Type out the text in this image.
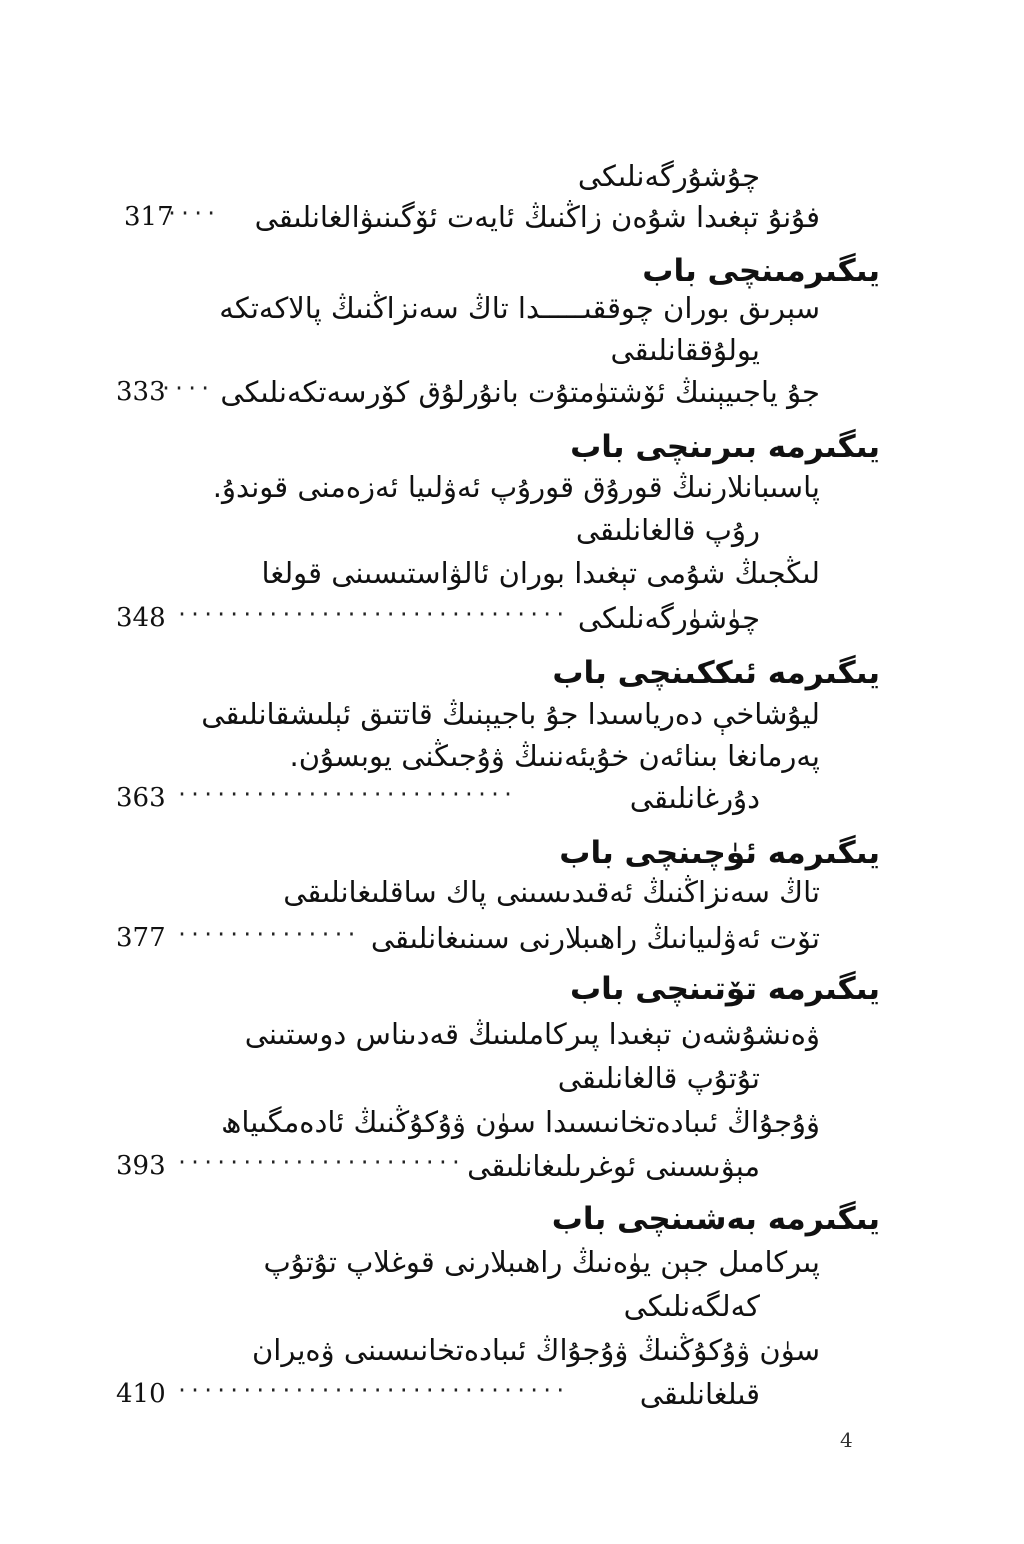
چۇشۇرگەنلىكى
فۇنۇ تېغىدا شۇەن زاڭنىڭ ئايەت ئۆگىنىۋالغانلىقى
317
····
يىگىرمىنچى باب
سېرىق بوران چوققىـــــدا تاڭ سەنزاڭنىڭ پالاكەتكە
يولۇققانلىقى
جۇ ياجىيېنىڭ ئۆشتۈمتۇت بانۇرلۇق كۆرسەتكەنلىكى
333
····
يىگىرمە بىرىنچى باب
پاسىبانلارنىڭ قورۇق قورۇپ ئەۋلىيا ئەزەمنى قوندۇ.
رۇپ قالغانلىقى
لىڭجىڭ شۇمى تېغىدا بوران ئالۋاستىسىنى قولغا
چۈشۈرگەنلىكى
348 ······························
يىگىرمە ئىككىنچى باب
ليۇشاخې دەرياسىدا جۇ باجيېنىڭ قاتتىق ئېلىشقانلىقى
پەرمانغا بىنائەن خۇيئەننىڭ ۋۇجىڭنى يوبسۇن.
دۇرغانلىقى
363 ··························
يىگىرمە ئۈچىنچى باب
تاڭ سەنزاڭنىڭ ئەقىدىسىنى پاك ساقلىغانلىقى
تۆت ئەۋلىيانىڭ راھىبلارنى سىنىغانلىقى
377 ··············
يىگىرمە تۆتىنچى باب
ۋەنشۇشەن تېغىدا پىركاملىنىڭ قەدىناس دوستىنى
تۇتۇپ قالغانلىقى
ۋۇجۇاڭ ئىبادەتخانىسىدا سۈن ۋۇكۇڭنىڭ ئادەمگىياھ
مېۋىسىنى ئوغرىلىغانلىقى
393 ······················
يىگىرمە بەشىنچى باب
پىركامىل جېن يۈەنىڭ راھىبلارنى قوغلاپ تۇتۇپ
كەلگەنلىكى
سۈن ۋۇكۇڭنىڭ ۋۇجۇاڭ ئىبادەتخانىسىنى ۋەيران
قىلغانلىقى
410 ······························
4
